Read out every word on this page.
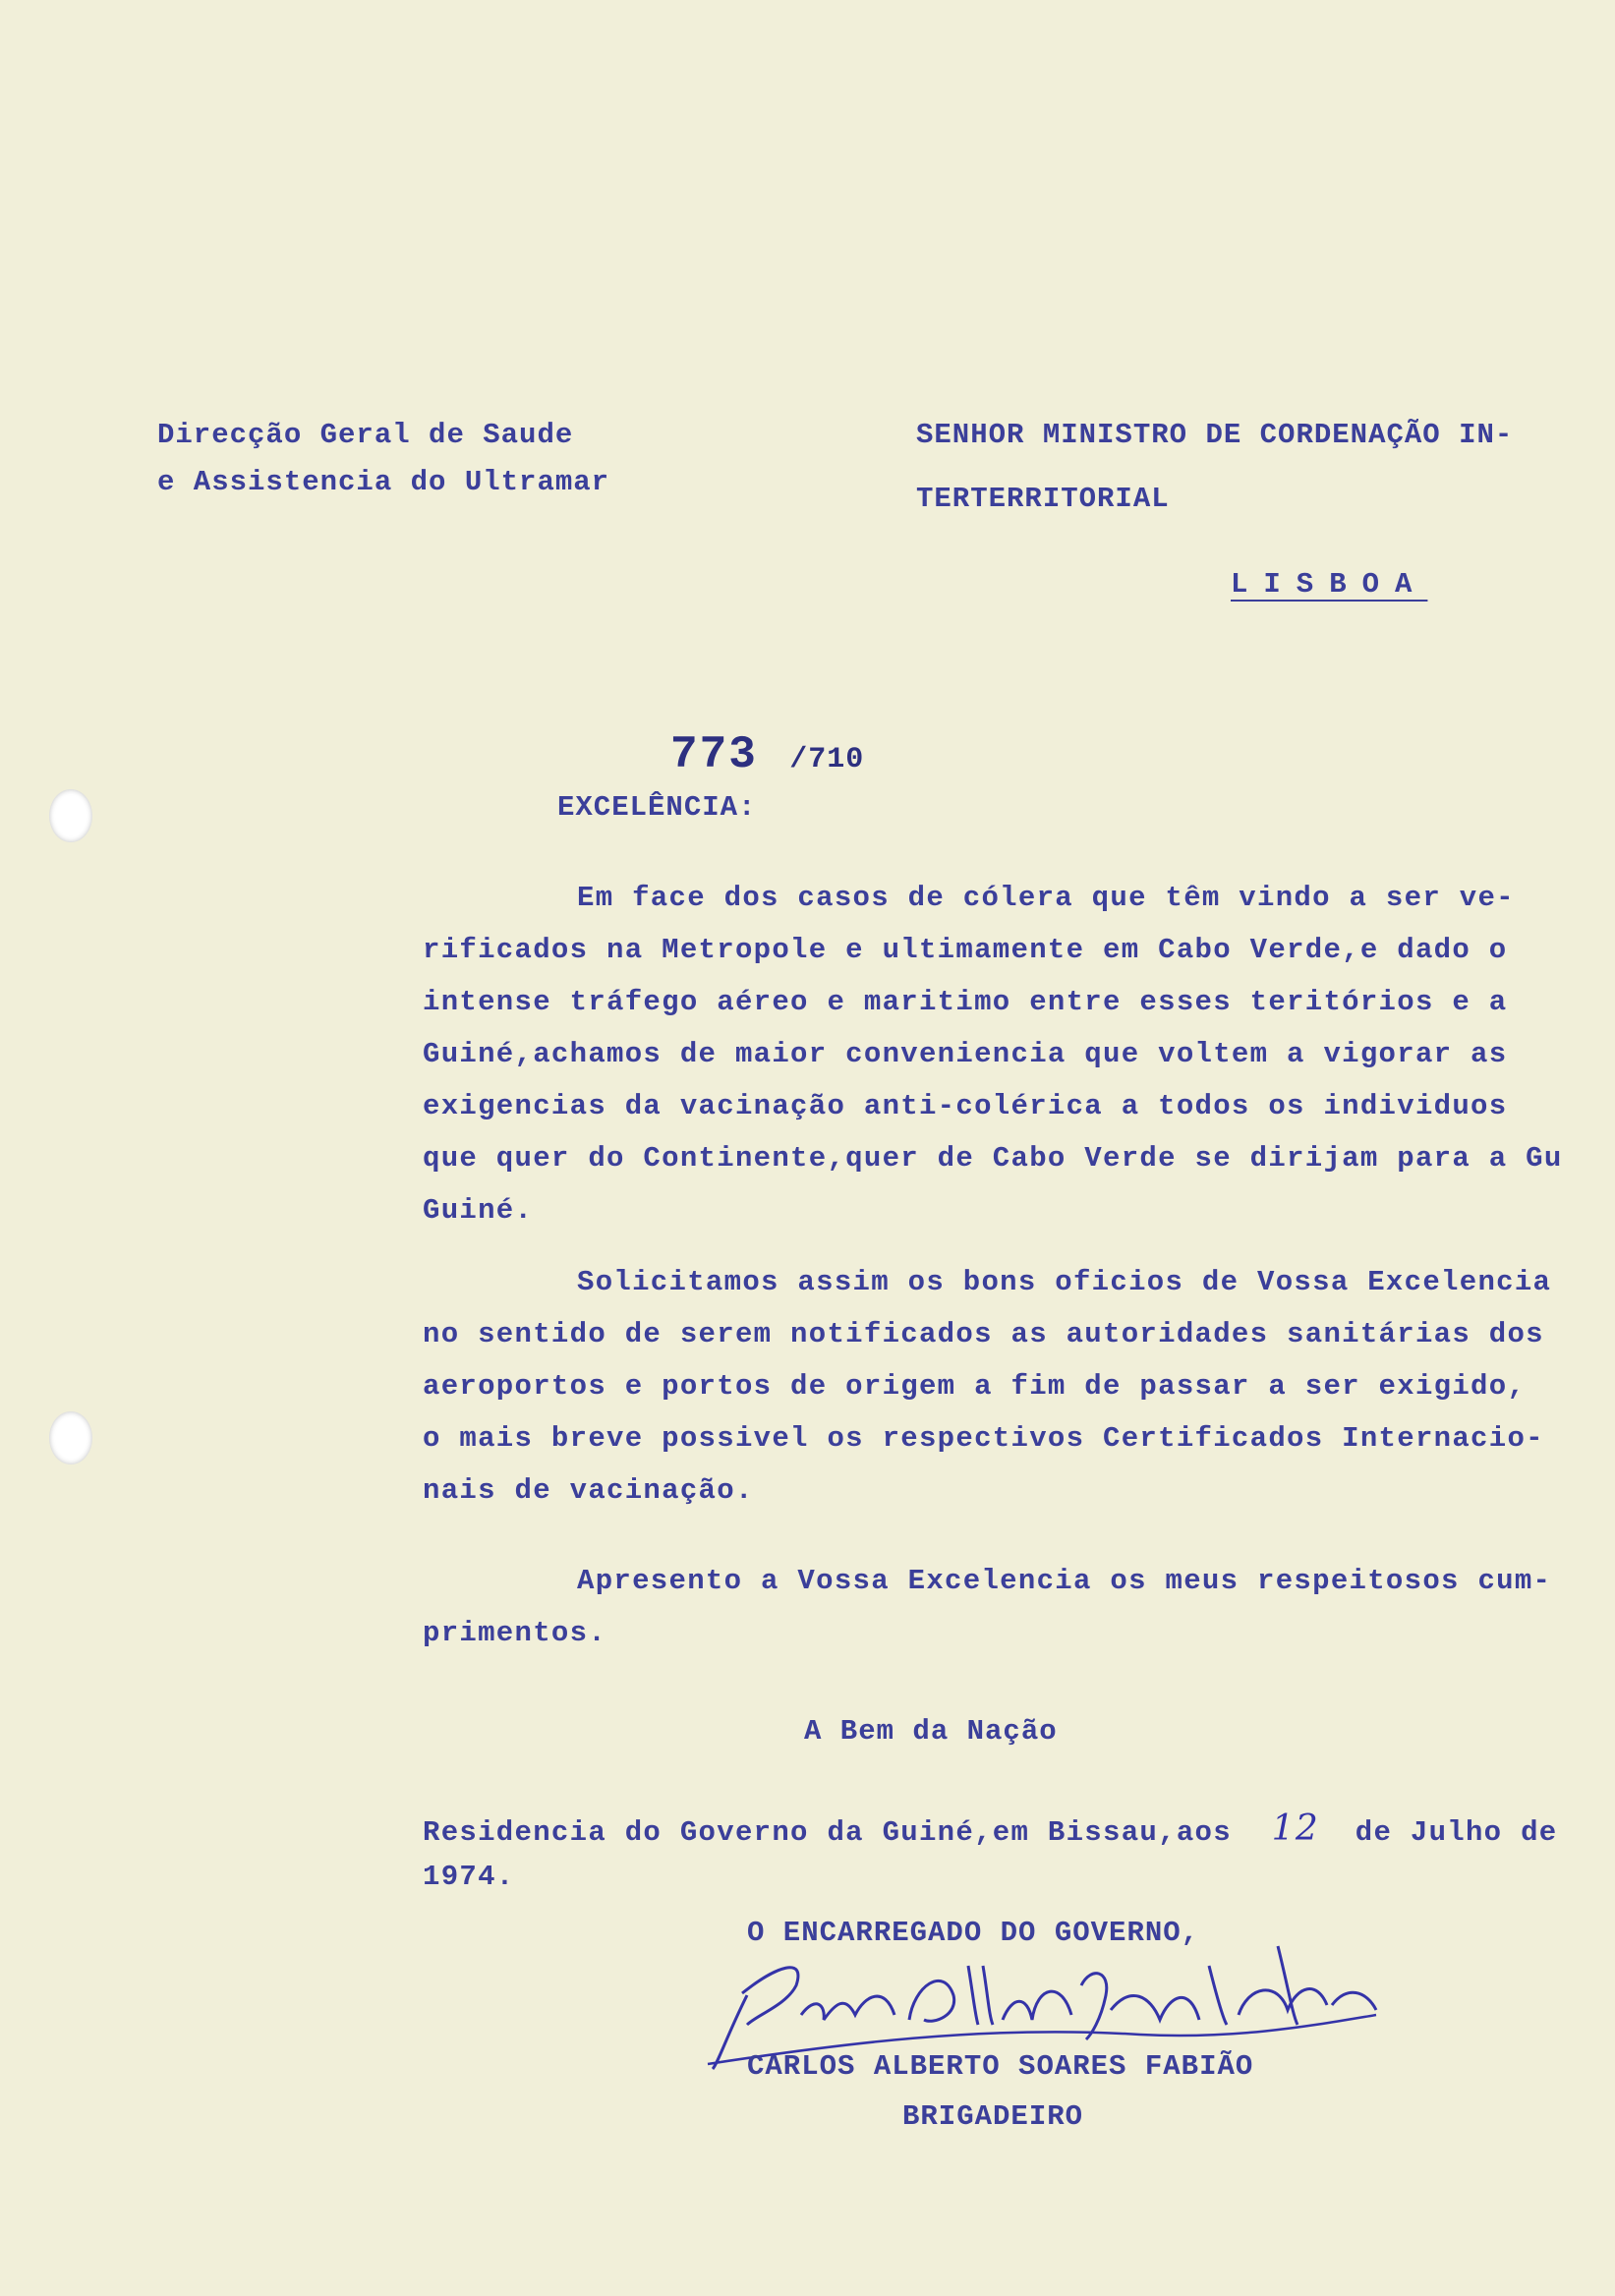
Direcção Geral de Saude
e Assistencia do Ultramar
SENHOR MINISTRO DE CORDENAÇÃO IN-
TERTERRITORIAL
LISBOA
773 /710
EXCELÊNCIA:
Em face dos casos de cólera que têm vindo a ser ve-
rificados na Metropole e ultimamente em Cabo Verde,e dado o
intense tráfego aéreo e maritimo entre esses teritórios e a
Guiné,achamos de maior conveniencia que voltem a vigorar as
exigencias da vacinação anti-colérica a todos os individuos
que quer do Continente,quer de Cabo Verde se dirijam para a Gu
Guiné.
Solicitamos assim os bons oficios de Vossa Excelencia
no sentido de serem notificados as autoridades sanitárias dos
aeroportos e portos de origem a fim de passar a ser exigido,
o mais breve possivel os respectivos Certificados Internacio-
nais de vacinação.
Apresento a Vossa Excelencia os meus respeitosos cum-
primentos.
A Bem da Nação
Residencia do Governo da Guiné,em Bissau,aos 12 de Julho de
1974.
O ENCARREGADO DO GOVERNO,
CARLOS ALBERTO SOARES FABIÃO
BRIGADEIRO
